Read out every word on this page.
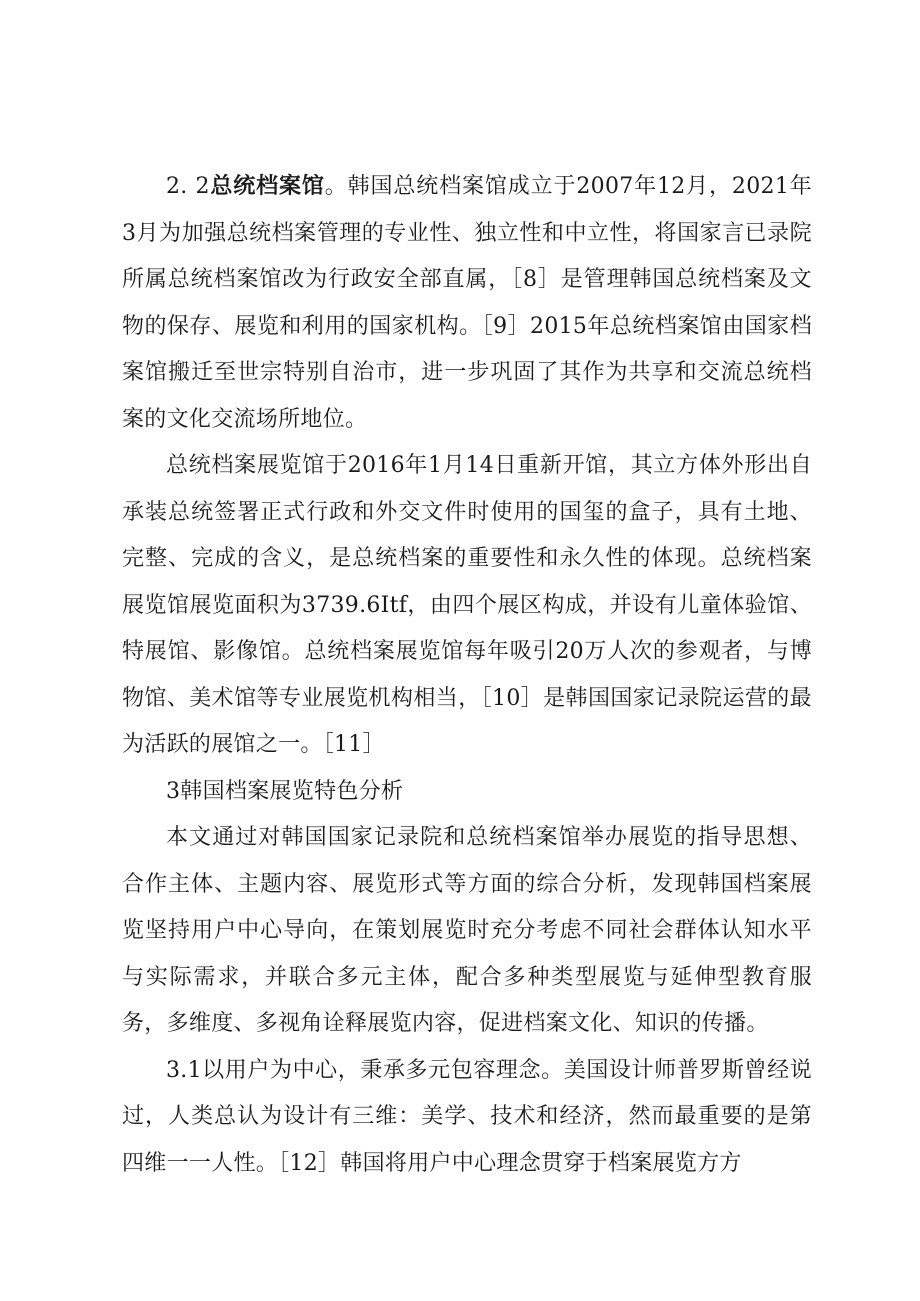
2. 2总统档案馆。韩国总统档案馆成立于2007年12月，2021年3月为加强总统档案管理的专业性、独立性和中立性，将国家言已录院所属总统档案馆改为行政安全部直属，［8］是管理韩国总统档案及文物的保存、展览和利用的国家机构。［9］2015年总统档案馆由国家档案馆搬迁至世宗特别自治市，进一步巩固了其作为共享和交流总统档案的文化交流场所地位。

总统档案展览馆于2016年1月14日重新开馆，其立方体外形出自承装总统签署正式行政和外交文件时使用的国玺的盒子，具有土地、完整、完成的含义，是总统档案的重要性和永久性的体现。总统档案展览馆展览面积为3739.6Itf，由四个展区构成，并设有儿童体验馆、特展馆、影像馆。总统档案展览馆每年吸引20万人次的参观者，与博物馆、美术馆等专业展览机构相当，［10］是韩国国家记录院运营的最为活跃的展馆之一。［11］

3韩国档案展览特色分析

本文通过对韩国国家记录院和总统档案馆举办展览的指导思想、合作主体、主题内容、展览形式等方面的综合分析，发现韩国档案展览坚持用户中心导向，在策划展览时充分考虑不同社会群体认知水平与实际需求，并联合多元主体，配合多种类型展览与延伸型教育服务，多维度、多视角诠释展览内容，促进档案文化、知识的传播。

3.1以用户为中心，秉承多元包容理念。美国设计师普罗斯曾经说过，人类总认为设计有三维：美学、技术和经济，然而最重要的是第四维一一人性。［12］韩国将用户中心理念贯穿于档案展览方方
